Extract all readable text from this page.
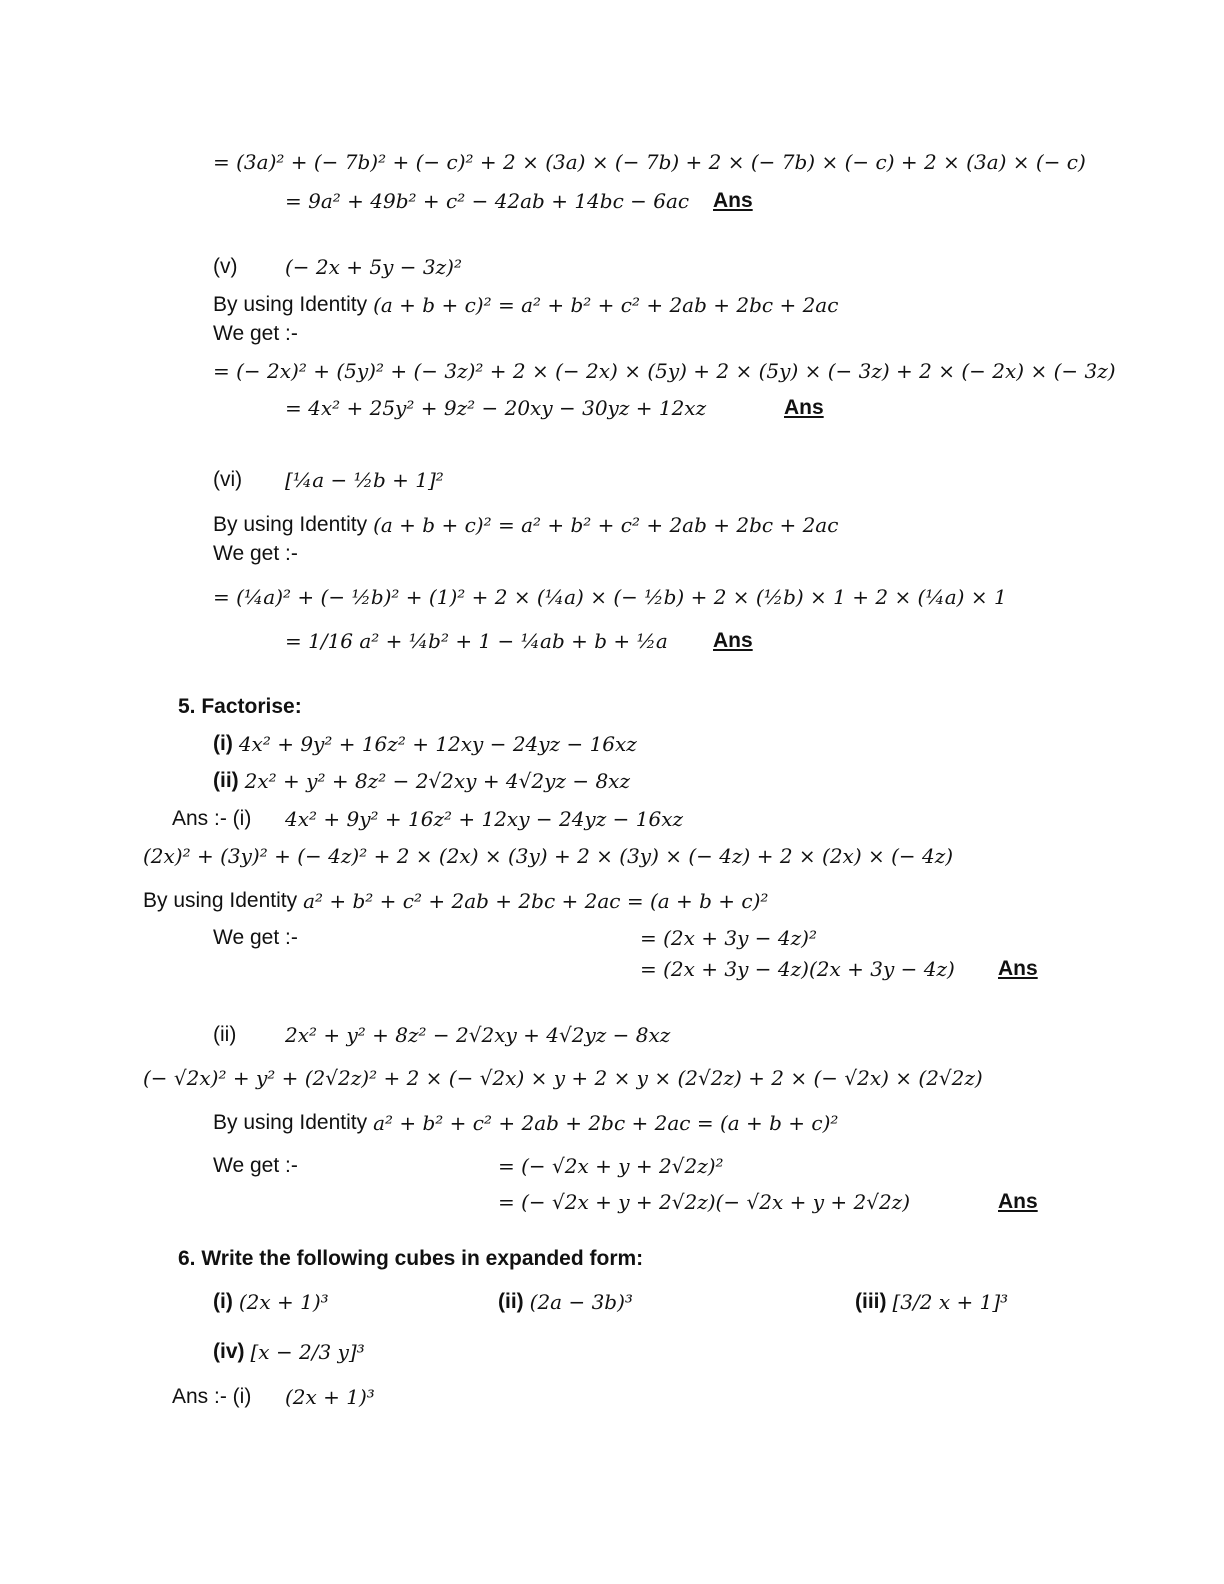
= (3a)² + (− 7b)² + (− c)² + 2 × (3a) × (− 7b) + 2 × (− 7b) × (− c) + 2 × (3a) × (− c)
= 9a² + 49b² + c² − 42ab + 14bc − 6ac Ans
(v) (− 2x + 5y − 3z)²
By using Identity (a + b + c)² = a² + b² + c² + 2ab + 2bc + 2ac
We get :-
= (− 2x)² + (5y)² + (− 3z)² + 2 × (− 2x) × (5y) + 2 × (5y) × (− 3z) + 2 × (− 2x) × (− 3z)
= 4x² + 25y² + 9z² − 20xy − 30yz + 12xz	Ans
(vi) [¼a − ½b + 1]²
By using Identity (a + b + c)² = a² + b² + c² + 2ab + 2bc + 2ac
We get :-
= (¼a)² + (− ½b)² + (1)² + 2 × (¼a) × (− ½b) + 2 × (½b) × 1 + 2 × (¼a) × 1
= 1/16 a² + ¼b² + 1 − ¼ab + b + ½a Ans
5. Factorise:
(i) 4x² + 9y² + 16z² + 12xy − 24yz − 16xz
(ii) 2x² + y² + 8z² − 2√2xy + 4√2yz − 8xz
Ans :- (i) 4x² + 9y² + 16z² + 12xy − 24yz − 16xz
(2x)² + (3y)² + (− 4z)² + 2 × (2x) × (3y) + 2 × (3y) × (− 4z) + 2 × (2x) × (− 4z)
By using Identity a² + b² + c² + 2ab + 2bc + 2ac = (a + b + c)²
We get :-	= (2x + 3y − 4z)²
= (2x + 3y − 4z)(2x + 3y − 4z) Ans
(ii) 2x² + y² + 8z² − 2√2xy + 4√2yz − 8xz
(− √2x)² + y² + (2√2z)² + 2 × (− √2x) × y + 2 × y × (2√2z) + 2 × (− √2x) × (2√2z)
By using Identity a² + b² + c² + 2ab + 2bc + 2ac = (a + b + c)²
We get :-	= (− √2x + y + 2√2z)²
= (− √2x + y + 2√2z)(− √2x + y + 2√2z)	Ans
6. Write the following cubes in expanded form:
(i) (2x + 1)³	(ii) (2a − 3b)³	(iii) [3/2 x + 1]³
(iv) [x − 2/3 y]³
Ans :- (i) (2x + 1)³
